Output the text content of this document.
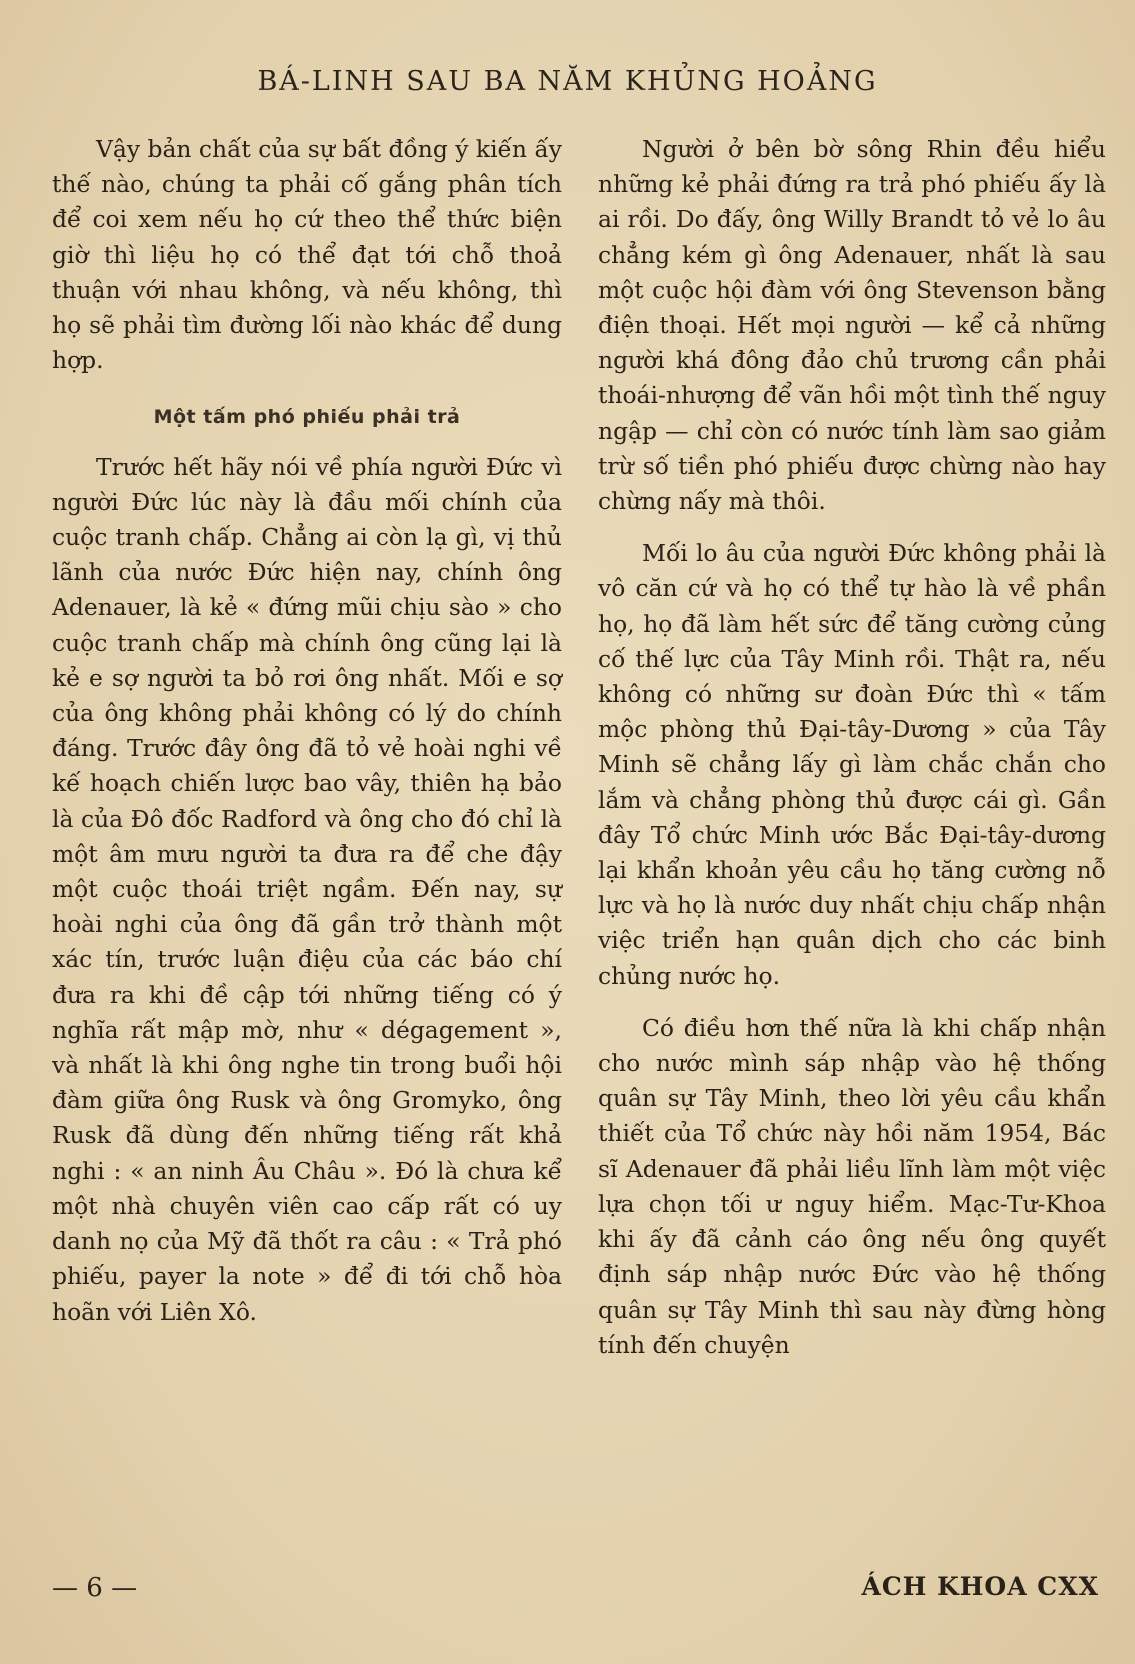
BÁ-LINH SAU BA NĂM KHỦNG HOẢNG

Vậy bản chất của sự bất đồng ý kiến ấy thế nào, chúng ta phải cố gắng phân tích để coi xem nếu họ cứ theo thể thức biện giờ thì liệu họ có thể đạt tới chỗ thoả thuận với nhau không, và nếu không, thì họ sẽ phải tìm đường lối nào khác để dung hợp.

Một tấm phó phiếu phải trả

Trước hết hãy nói về phía người Đức vì người Đức lúc này là đầu mối chính của cuộc tranh chấp. Chẳng ai còn lạ gì, vị thủ lãnh của nước Đức hiện nay, chính ông Adenauer, là kẻ « đứng mũi chịu sào » cho cuộc tranh chấp mà chính ông cũng lại là kẻ e sợ người ta bỏ rơi ông nhất. Mối e sợ của ông không phải không có lý do chính đáng. Trước đây ông đã tỏ vẻ hoài nghi về kế hoạch chiến lược bao vây, thiên hạ bảo là của Đô đốc Radford và ông cho đó chỉ là một âm mưu người ta đưa ra để che đậy một cuộc thoái triệt ngầm. Đến nay, sự hoài nghi của ông đã gần trở thành một xác tín, trước luận điệu của các báo chí đưa ra khi đề cập tới những tiếng có ý nghĩa rất mập mờ, như « dégagement », và nhất là khi ông nghe tin trong buổi hội đàm giữa ông Rusk và ông Gromyko, ông Rusk đã dùng đến những tiếng rất khả nghi : « an ninh Âu Châu ». Đó là chưa kể một nhà chuyên viên cao cấp rất có uy danh nọ của Mỹ đã thốt ra câu : « Trả phó phiếu, payer la note » để đi tới chỗ hòa hoãn với Liên Xô.

Người ở bên bờ sông Rhin đều hiểu những kẻ phải đứng ra trả phó phiếu ấy là ai rồi. Do đấy, ông Willy Brandt tỏ vẻ lo âu chẳng kém gì ông Adenauer, nhất là sau một cuộc hội đàm với ông Stevenson bằng điện thoại. Hết mọi người — kể cả những người khá đông đảo chủ trương cần phải thoái-nhượng để vãn hồi một tình thế nguy ngập — chỉ còn có nước tính làm sao giảm trừ số tiền phó phiếu được chừng nào hay chừng nấy mà thôi.

Mối lo âu của người Đức không phải là vô căn cứ và họ có thể tự hào là về phần họ, họ đã làm hết sức để tăng cường củng cố thế lực của Tây Minh rồi. Thật ra, nếu không có những sư đoàn Đức thì « tấm mộc phòng thủ Đại-tây-Dương » của Tây Minh sẽ chẳng lấy gì làm chắc chắn cho lắm và chẳng phòng thủ được cái gì. Gần đây Tổ chức Minh ước Bắc Đại-tây-dương lại khẩn khoản yêu cầu họ tăng cường nỗ lực và họ là nước duy nhất chịu chấp nhận việc triển hạn quân dịch cho các binh chủng nước họ.

Có điều hơn thế nữa là khi chấp nhận cho nước mình sáp nhập vào hệ thống quân sự Tây Minh, theo lời yêu cầu khẩn thiết của Tổ chức này hồi năm 1954, Bác sĩ Adenauer đã phải liều lĩnh làm một việc lựa chọn tối ư nguy hiểm. Mạc-Tư-Khoa khi ấy đã cảnh cáo ông nếu ông quyết định sáp nhập nước Đức vào hệ thống quân sự Tây Minh thì sau này đừng hòng tính đến chuyện

— 6 —	ÁCH KHOA CXX
